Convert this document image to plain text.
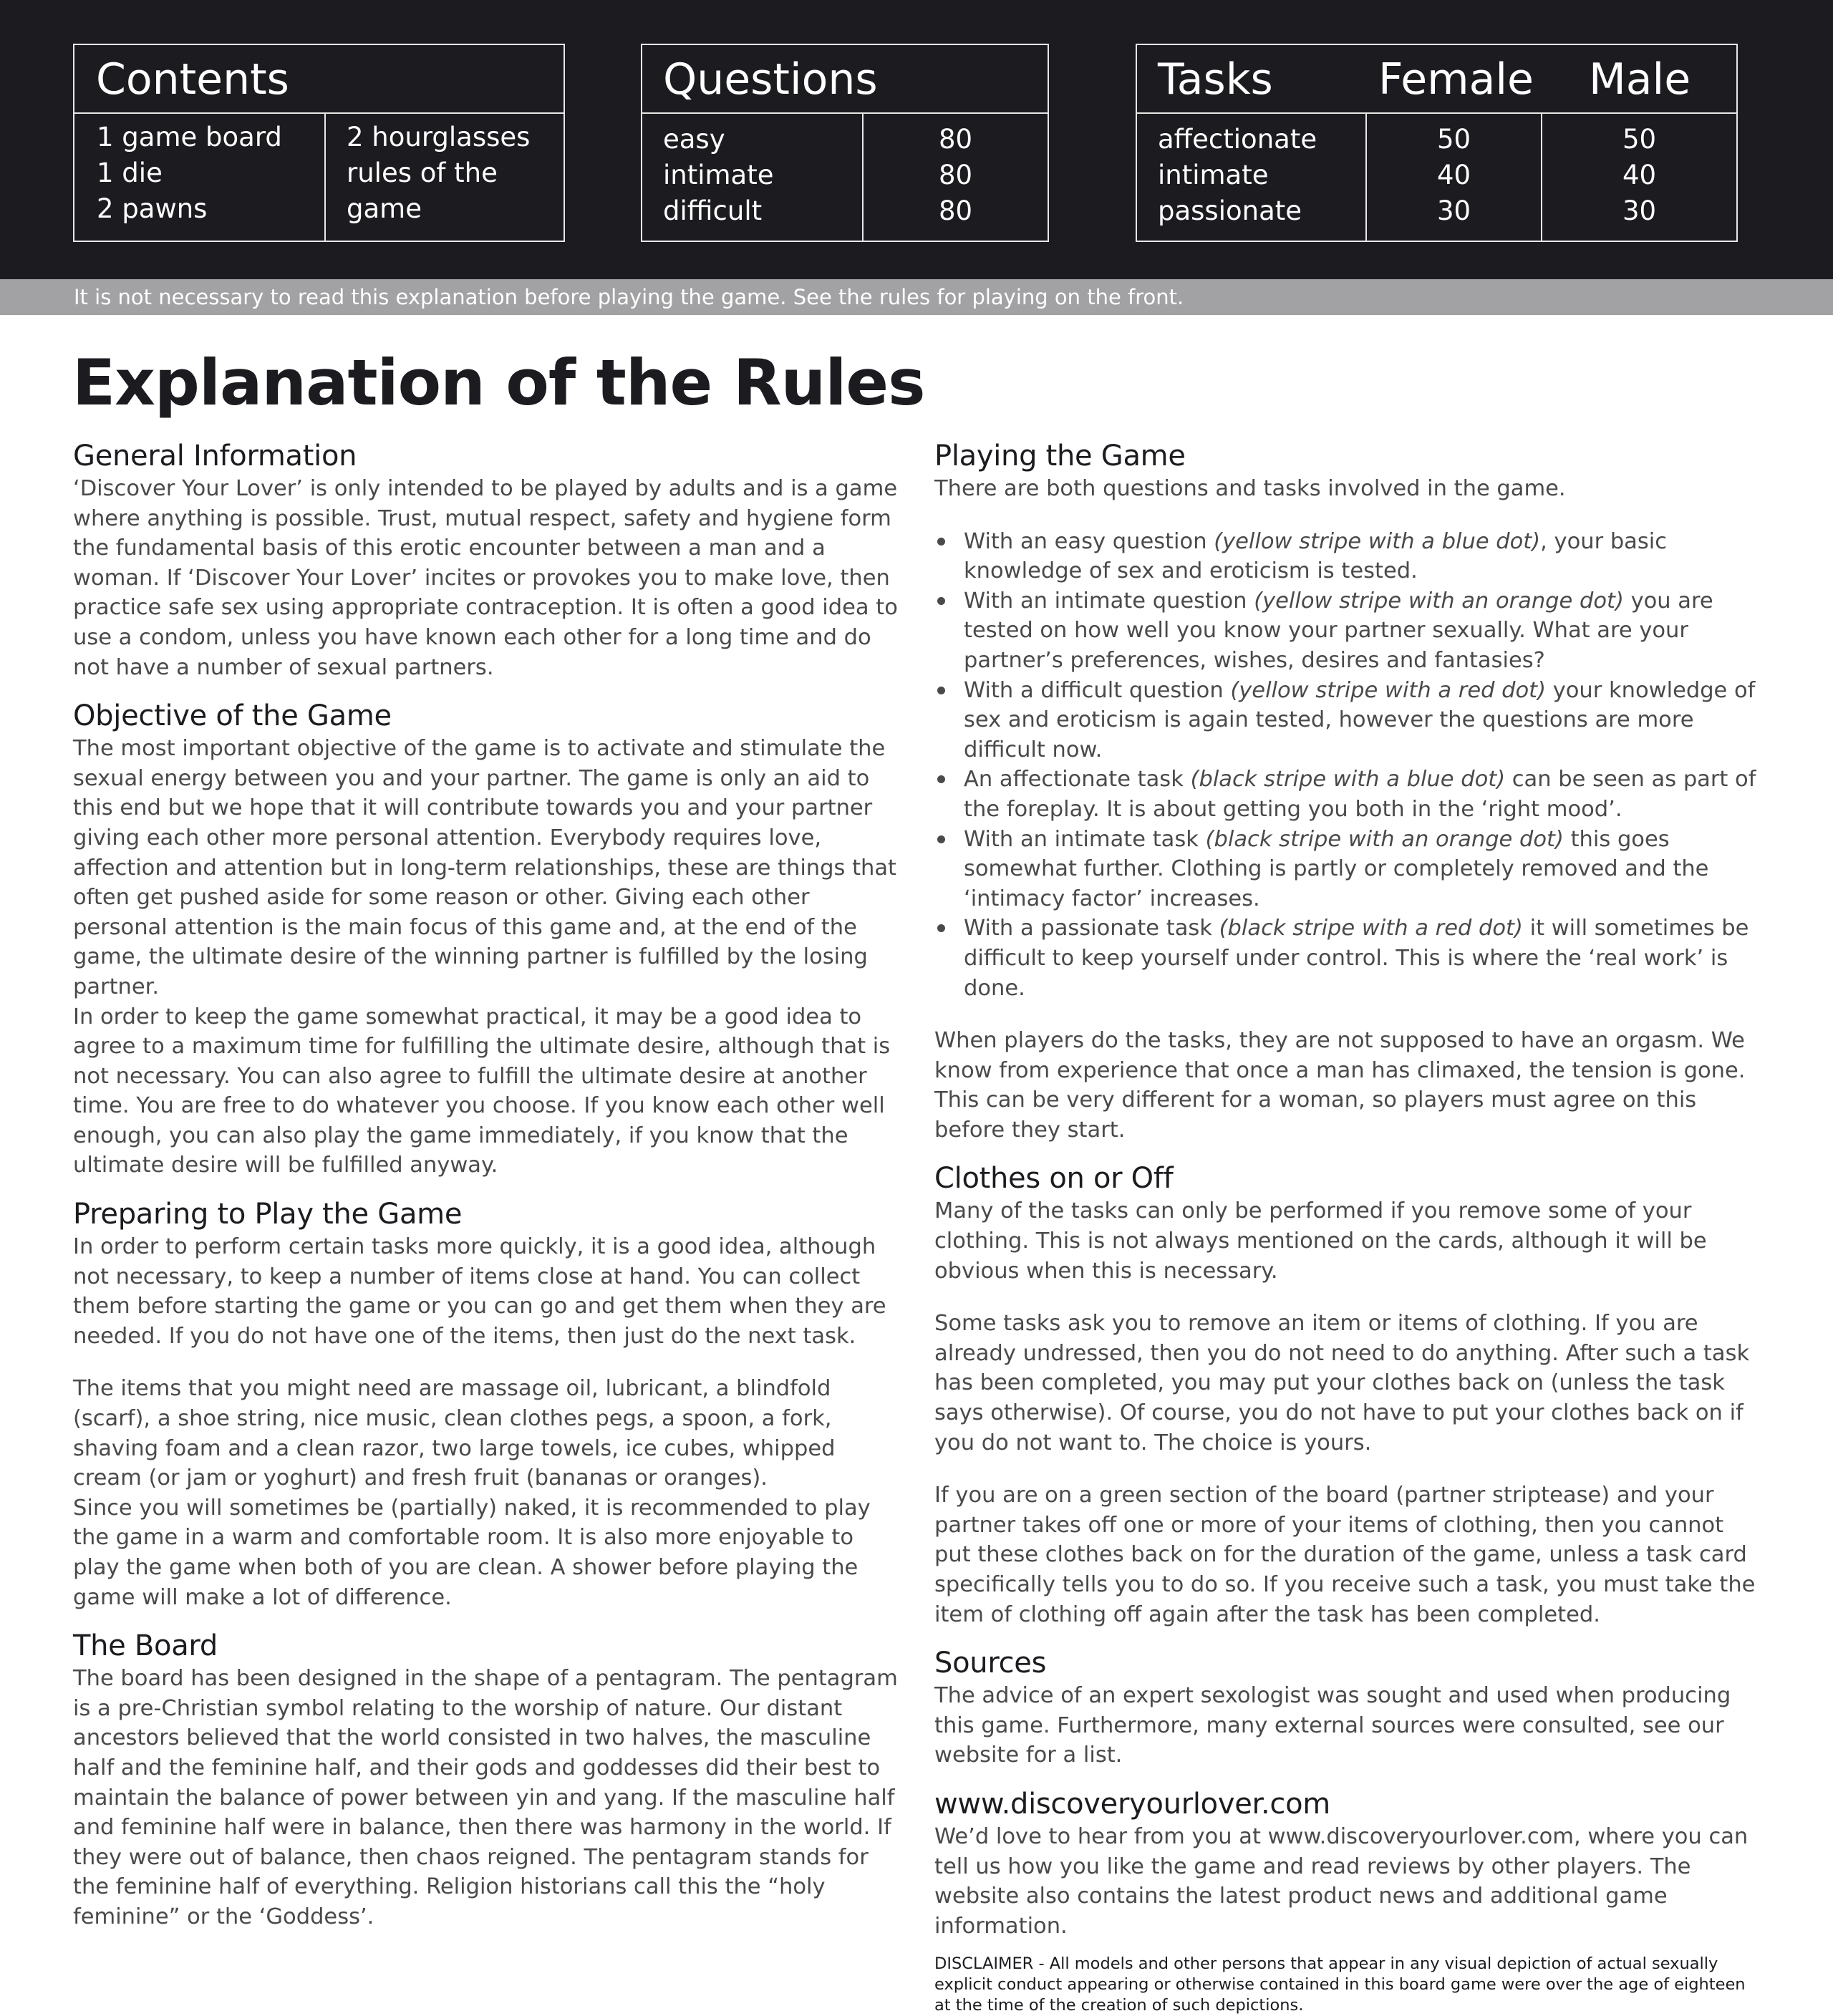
Contents
1 game board
1 die
2 pawns
2 hourglasses
rules of the game
Questions
easy
intimate
difficult
80
80
80
Tasks Female Male
affectionate
intimate
passionate
50
40
30
50
40
30
It is not necessary to read this explanation before playing the game. See the rules for playing on the front.
Explanation of the Rules
General Information

‘Discover Your Lover’ is only intended to be played by adults and is a game where anything is possible. Trust, mutual respect, safety and hygiene form the fundamental basis of this erotic encounter between a man and a woman. If ‘Discover Your Lover’ incites or provokes you to make love, then practice safe sex using appropriate contraception. It is often a good idea to use a condom, unless you have known each other for a long time and do not have a number of sexual partners.

Objective of the Game

The most important objective of the game is to activate and stimulate the sexual energy between you and your partner. The game is only an aid to this end but we hope that it will contribute towards you and your partner giving each other more personal attention. Everybody requires love, affection and attention but in long-term relationships, these are things that often get pushed aside for some reason or other. Giving each other personal attention is the main focus of this game and, at the end of the game, the ultimate desire of the winning partner is fulfilled by the losing partner.

In order to keep the game somewhat practical, it may be a good idea to agree to a maximum time for fulfilling the ultimate desire, although that is not necessary. You can also agree to fulfill the ultimate desire at another time. You are free to do whatever you choose. If you know each other well enough, you can also play the game immediately, if you know that the ultimate desire will be fulfilled anyway.

Preparing to Play the Game

In order to perform certain tasks more quickly, it is a good idea, although not necessary, to keep a number of items close at hand. You can collect them before starting the game or you can go and get them when they are needed. If you do not have one of the items, then just do the next task.

The items that you might need are massage oil, lubricant, a blindfold (scarf), a shoe string, nice music, clean clothes pegs, a spoon, a fork, shaving foam and a clean razor, two large towels, ice cubes, whipped cream (or jam or yoghurt) and fresh fruit (bananas or oranges).

Since you will sometimes be (partially) naked, it is recommended to play the game in a warm and comfortable room. It is also more enjoyable to play the game when both of you are clean. A shower before playing the game will make a lot of difference.

The Board

The board has been designed in the shape of a pentagram. The pentagram is a pre-Christian symbol relating to the worship of nature. Our distant ancestors believed that the world consisted in two halves, the masculine half and the feminine half, and their gods and goddesses did their best to maintain the balance of power between yin and yang. If the masculine half and feminine half were in balance, then there was harmony in the world. If they were out of balance, then chaos reigned. The pentagram stands for the feminine half of everything. Religion historians call this the “holy feminine” or the ‘Goddess’.

Playing the Game

There are both questions and tasks involved in the game.

With an easy question (yellow stripe with a blue dot), your basic knowledge of sex and eroticism is tested.
With an intimate question (yellow stripe with an orange dot) you are tested on how well you know your partner sexually. What are your partner’s preferences, wishes, desires and fantasies?
With a difficult question (yellow stripe with a red dot) your knowledge of sex and eroticism is again tested, however the questions are more difficult now.
An affectionate task (black stripe with a blue dot) can be seen as part of the foreplay. It is about getting you both in the ‘right mood’.
With an intimate task (black stripe with an orange dot) this goes somewhat further. Clothing is partly or completely removed and the ‘intimacy factor’ increases.
With a passionate task (black stripe with a red dot) it will sometimes be difficult to keep yourself under control. This is where the ‘real work’ is done.

When players do the tasks, they are not supposed to have an orgasm. We know from experience that once a man has climaxed, the tension is gone. This can be very different for a woman, so players must agree on this before they start.

Clothes on or Off

Many of the tasks can only be performed if you remove some of your clothing. This is not always mentioned on the cards, although it will be obvious when this is necessary.

Some tasks ask you to remove an item or items of clothing. If you are already undressed, then you do not need to do anything. After such a task has been completed, you may put your clothes back on (unless the task says otherwise). Of course, you do not have to put your clothes back on if you do not want to. The choice is yours.

If you are on a green section of the board (partner striptease) and your partner takes off one or more of your items of clothing, then you cannot put these clothes back on for the duration of the game, unless a task card specifically tells you to do so. If you receive such a task, you must take the item of clothing off again after the task has been completed.

Sources

The advice of an expert sexologist was sought and used when producing this game. Furthermore, many external sources were consulted, see our website for a list.

www.discoveryourlover.com

We’d love to hear from you at www.discoveryourlover.com, where you can tell us how you like the game and read reviews by other players. The website also contains the latest product news and additional game information.

DISCLAIMER - All models and other persons that appear in any visual depiction of actual sexually explicit conduct appearing or otherwise contained in this board game were over the age of eighteen at the time of the creation of such depictions.
